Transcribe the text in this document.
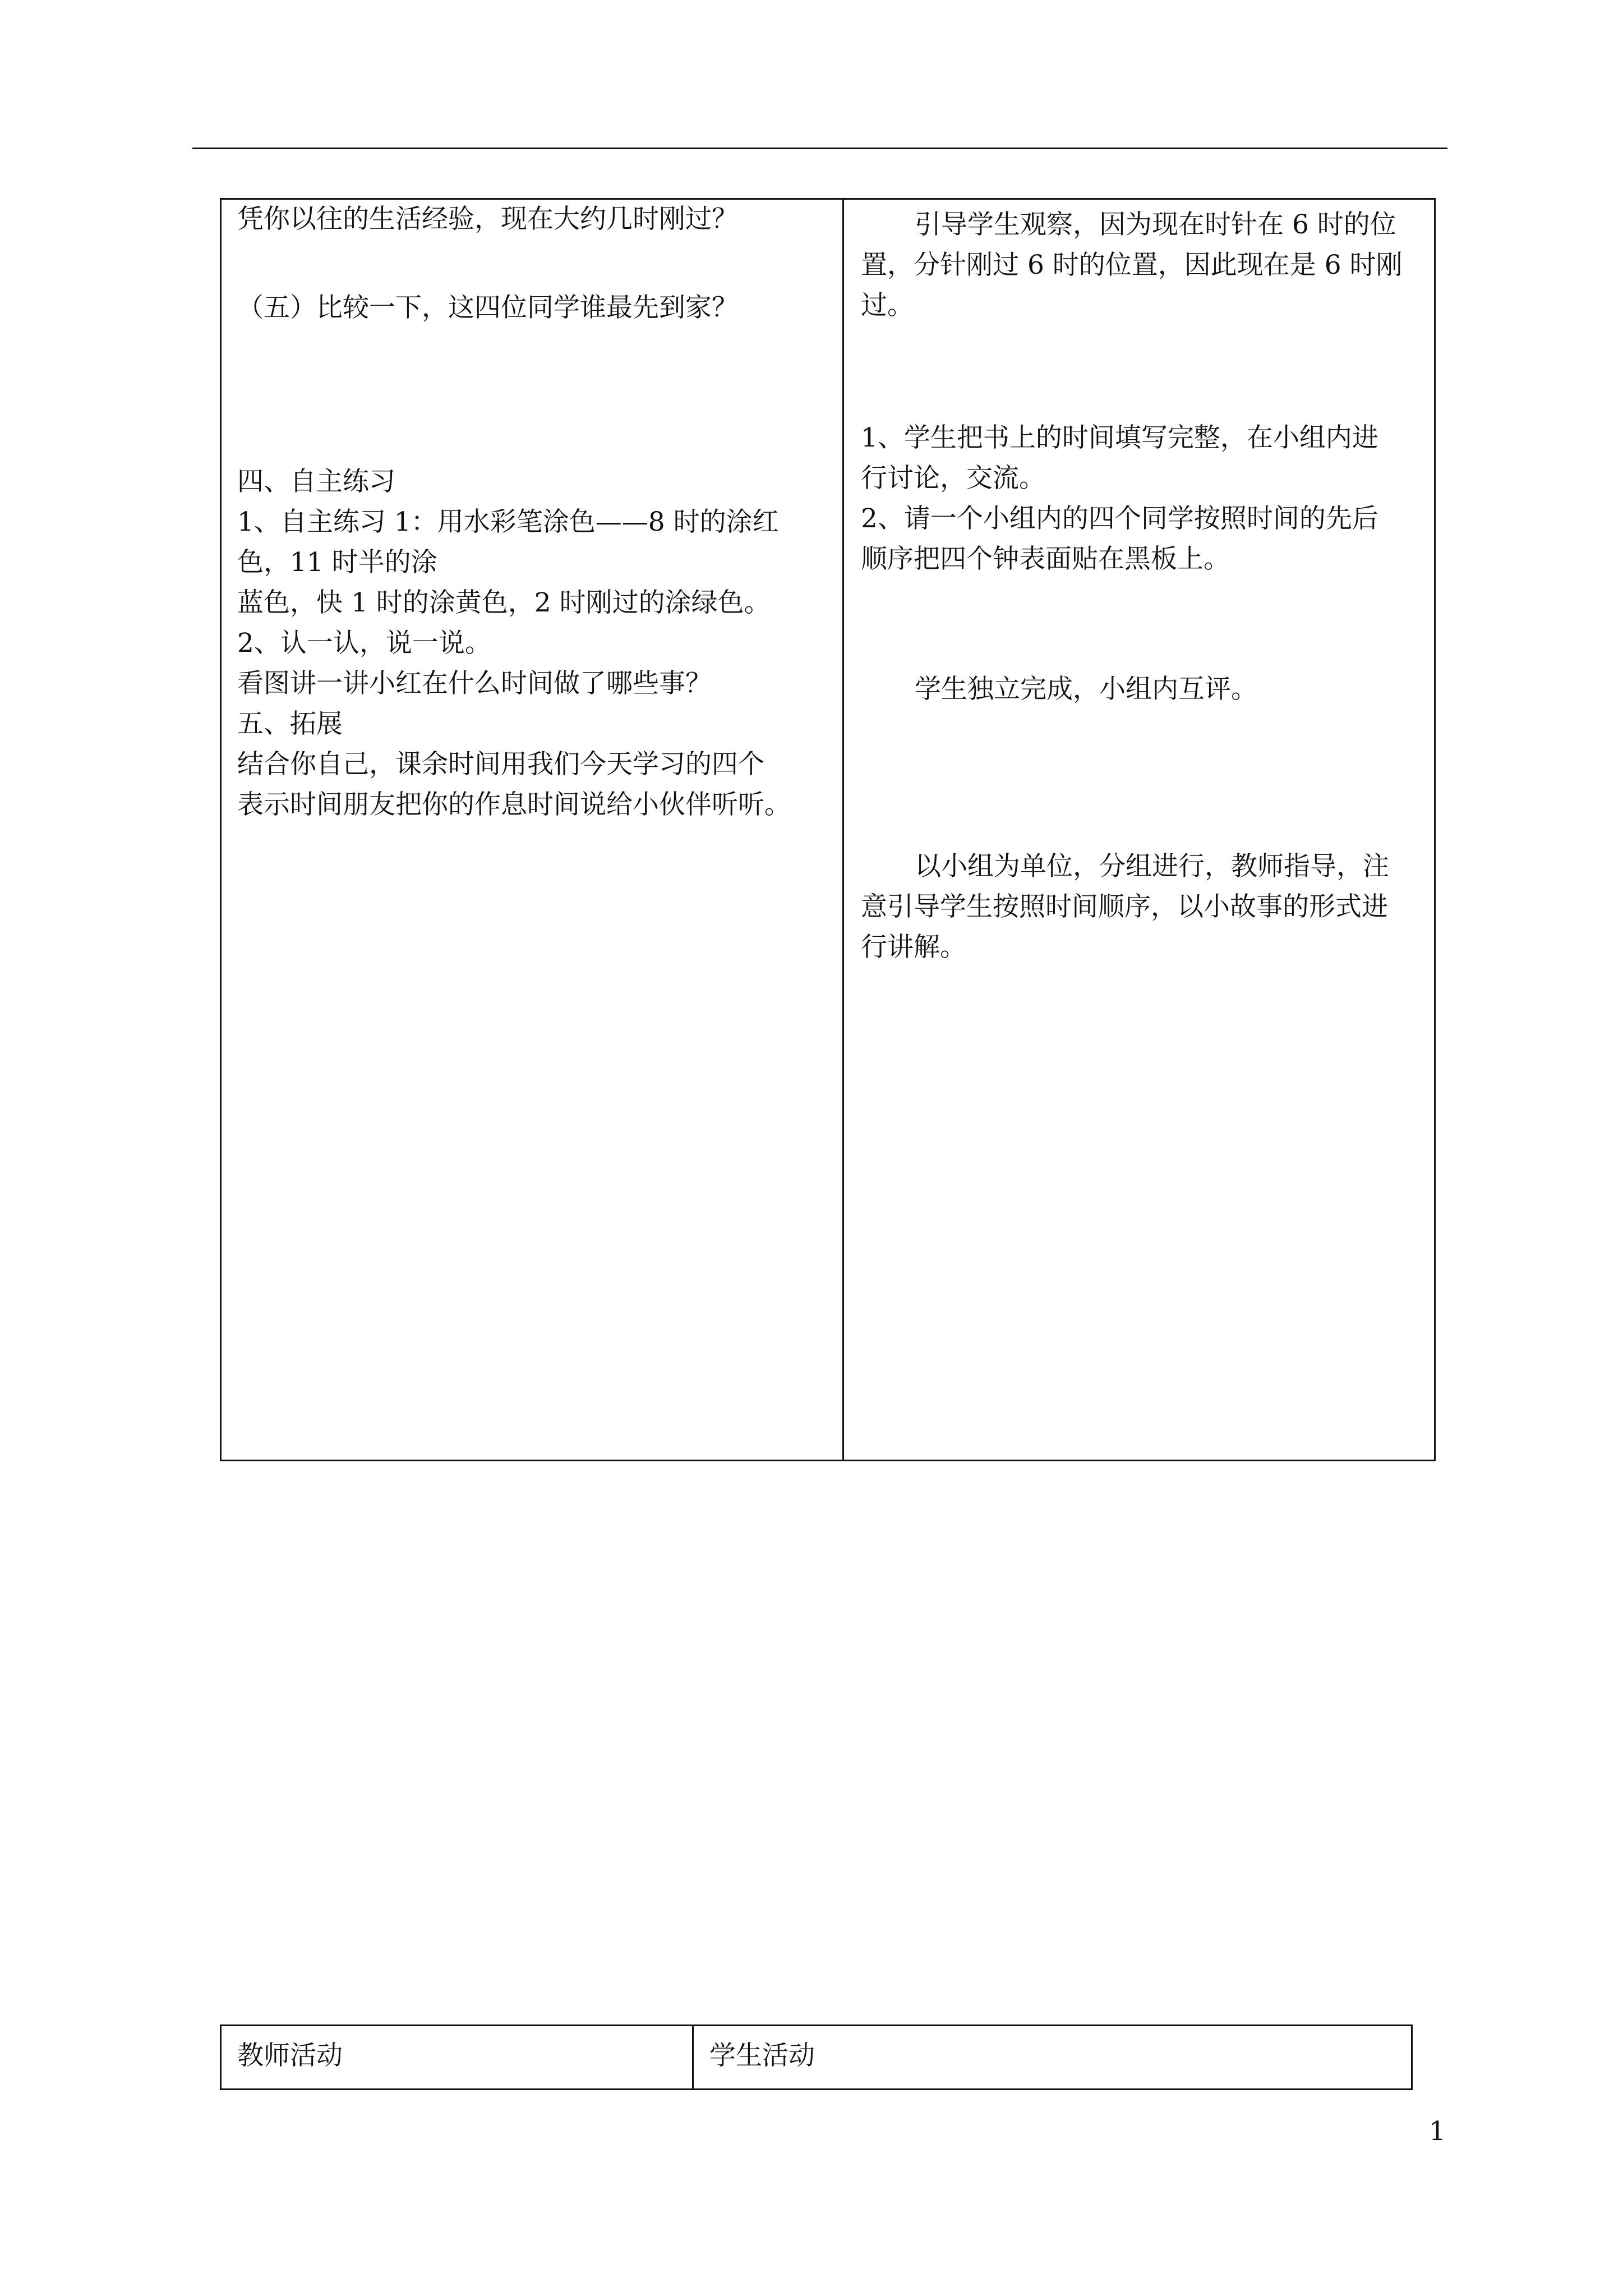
凭你以往的生活经验，现在大约几时刚过？
（五）比较一下，这四位同学谁最先到家？
四、自主练习
1、自主练习 1：用水彩笔涂色——8 时的涂红
色，11 时半的涂
蓝色，快 1 时的涂黄色，2 时刚过的涂绿色。
2、认一认，说一说。
看图讲一讲小红在什么时间做了哪些事？
五、拓展
结合你自己，课余时间用我们今天学习的四个
表示时间朋友把你的作息时间说给小伙伴听听。
引导学生观察，因为现在时针在 6 时的位
置，分针刚过 6 时的位置，因此现在是 6 时刚
过。
1、学生把书上的时间填写完整，在小组内进
行讨论，交流。
2、请一个小组内的四个同学按照时间的先后
顺序把四个钟表面贴在黑板上。
学生独立完成，小组内互评。
以小组为单位，分组进行，教师指导，注
意引导学生按照时间顺序，以小故事的形式进
行讲解。
教师活动	学生活动
1
